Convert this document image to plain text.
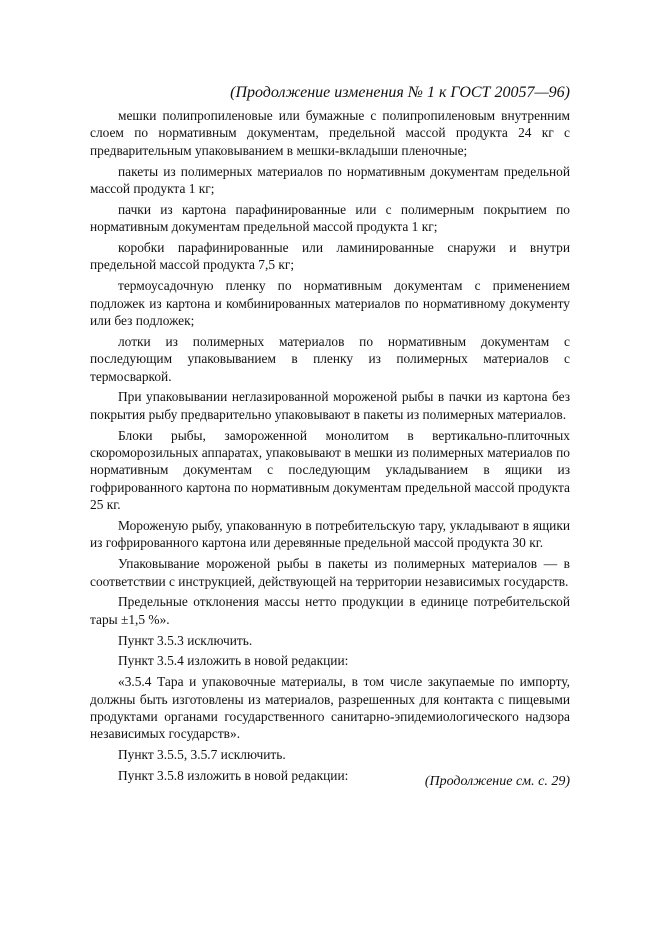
(Продолжение изменения № 1 к ГОСТ 20057—96)

мешки полипропиленовые или бумажные с полипропиленовым внутренним слоем по нормативным документам, предельной массой продукта 24 кг с предварительным упаковыванием в мешки-вкладыши пленочные;

пакеты из полимерных материалов по нормативным документам предельной массой продукта 1 кг;

пачки из картона парафинированные или с полимерным покрытием по нормативным документам предельной массой продукта 1 кг;

коробки парафинированные или ламинированные снаружи и внутри предельной массой продукта 7,5 кг;

термоусадочную пленку по нормативным документам с применением подложек из картона и комбинированных материалов по нормативному документу или без подложек;

лотки из полимерных материалов по нормативным документам с последующим упаковыванием в пленку из полимерных материалов с термосваркой.

При упаковывании неглазированной мороженой рыбы в пачки из картона без покрытия рыбу предварительно упаковывают в пакеты из полимерных материалов.

Блоки рыбы, замороженной монолитом в вертикально-плиточных скороморозильных аппаратах, упаковывают в мешки из полимерных материалов по нормативным документам с последующим укладыванием в ящики из гофрированного картона по нормативным документам предельной массой продукта 25 кг.

Мороженую рыбу, упакованную в потребительскую тару, укладывают в ящики из гофрированного картона или деревянные предельной массой продукта 30 кг.

Упаковывание мороженой рыбы в пакеты из полимерных материалов — в соответствии с инструкцией, действующей на территории независимых государств.

Предельные отклонения массы нетто продукции в единице потребительской тары ±1,5 %».

Пункт 3.5.3 исключить.

Пункт 3.5.4 изложить в новой редакции:

«3.5.4 Тара и упаковочные материалы, в том числе закупаемые по импорту, должны быть изготовлены из материалов, разрешенных для контакта с пищевыми продуктами органами государственного санитарно-эпидемиологического надзора независимых государств».

Пункт 3.5.5, 3.5.7 исключить.

Пункт 3.5.8 изложить в новой редакции:	(Продолжение см. с. 29)
